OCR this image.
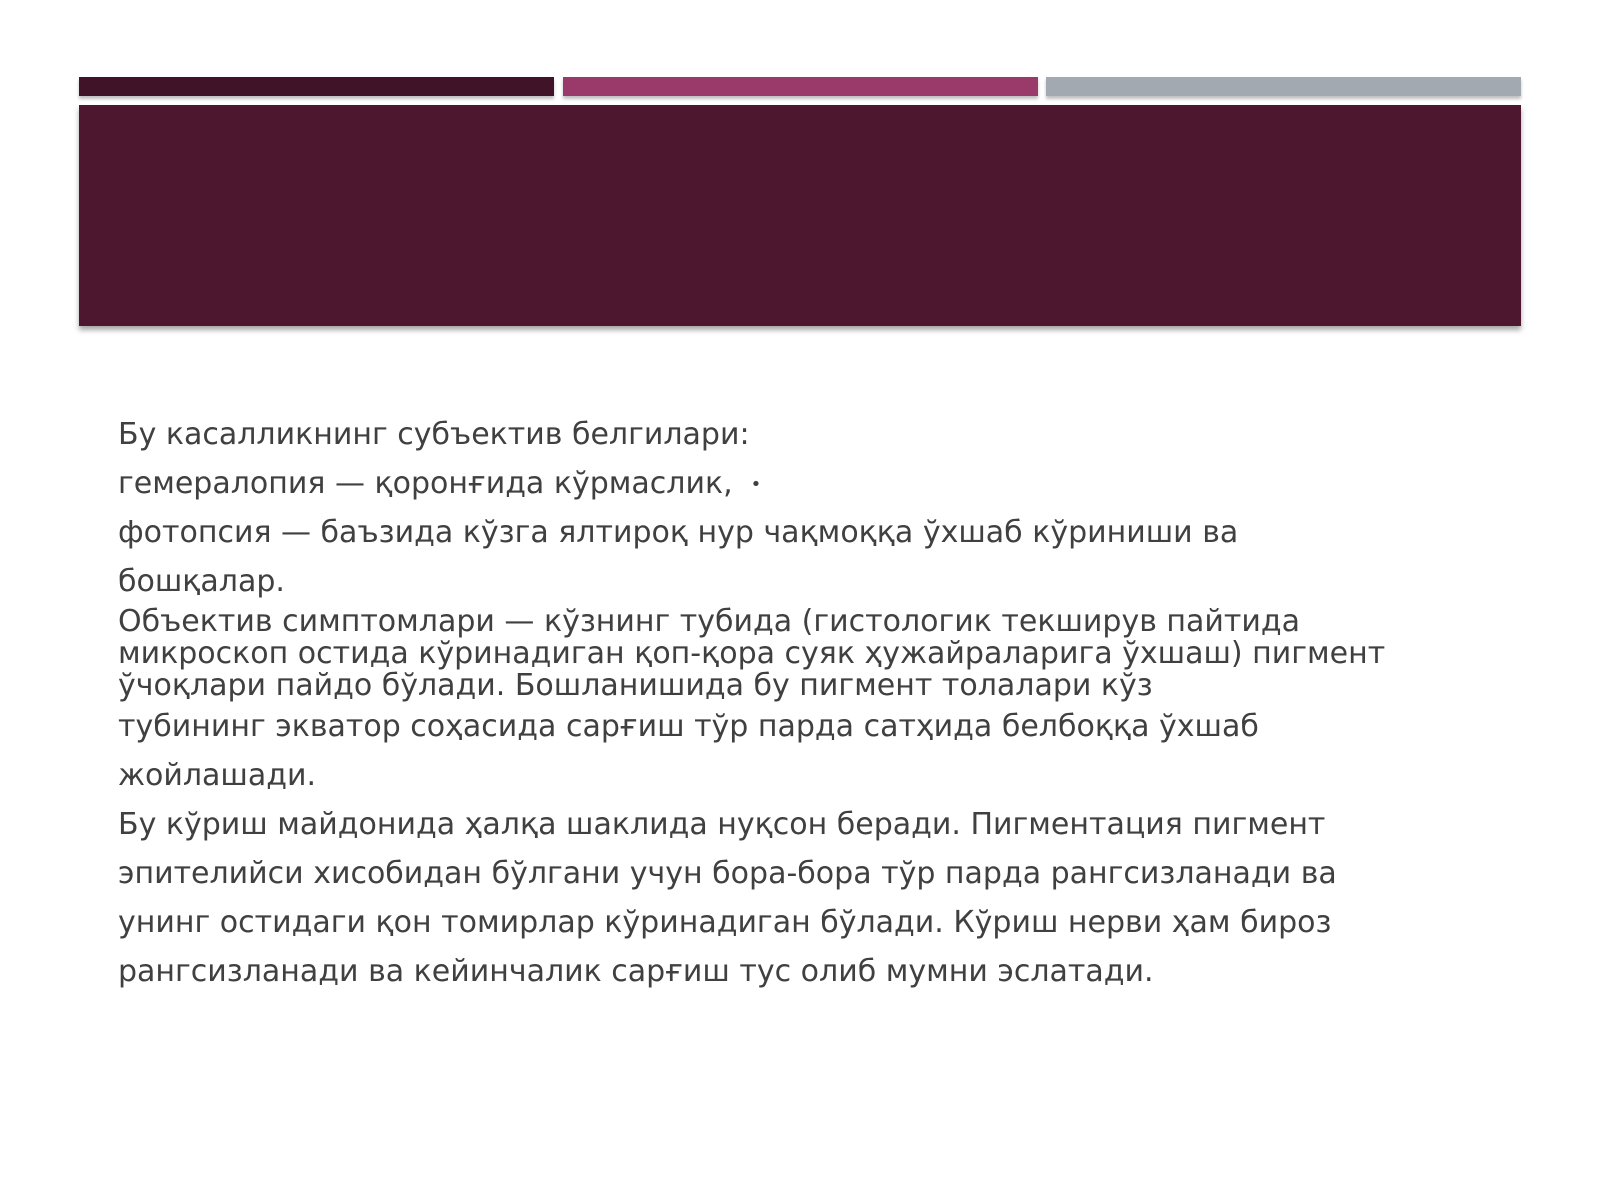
Бу касалликнинг субъектив белгилари:
гемералопия — қоронғида кўрмаслик, •
фотопсия — баъзида кўзга ялтироқ нур чақмоққа ўхшаб кўриниши ва
бошқалар.
Объектив симптомлари — кўзнинг тубида (гистологик текширув пайтида
микроскоп остида кўринадиган қоп-қора суяк ҳужайраларига ўхшаш) пигмент
ўчоқлари пайдо бўлади. Бошланишида бу пигмент толалари кўз
тубининг экватор соҳасида сарғиш тўр парда сатҳида белбоққа ўхшаб
жойлашади.
Бу кўриш майдонида ҳалқа шаклида нуқсон беради. Пигментация пигмент
эпителийси хисобидан бўлгани учун бора-бора тўр парда рангсизланади ва
унинг остидаги қон томирлар кўринадиган бўлади. Кўриш нерви ҳам бироз
рангсизланади ва кейинчалик сарғиш тус олиб мумни эслатади.
